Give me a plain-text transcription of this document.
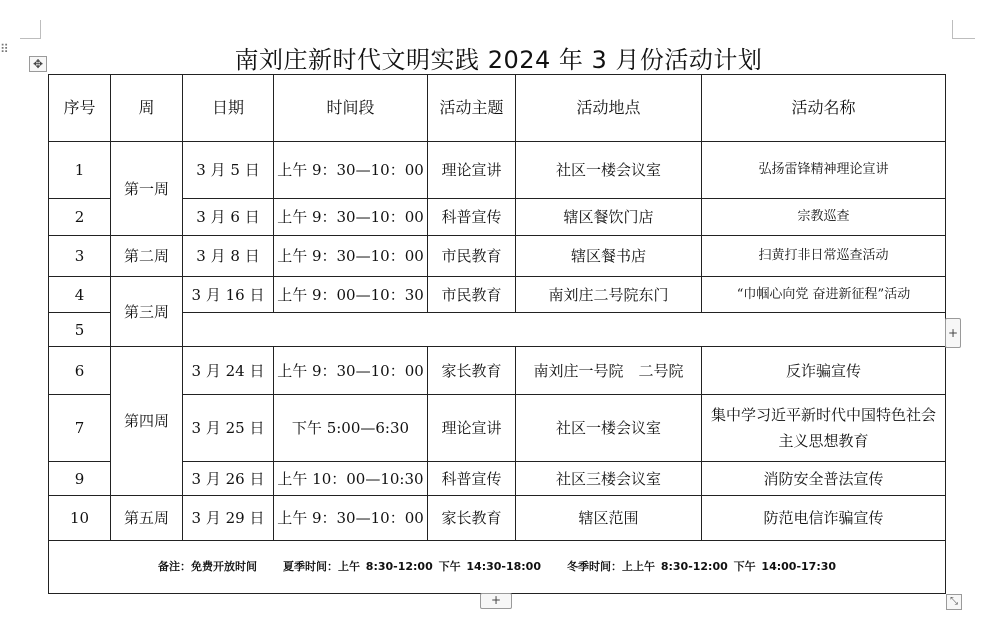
⠿
✥	南刘庄新时代文明实践 2024 年 3 月份活动计划
序号	周	日期	时间段	活动主题	活动地点	活动名称
1	第一周	3 月 5 日	上午 9：30—10：00	理论宣讲	社区一楼会议室	弘扬雷锋精神理论宣讲
2		3 月 6 日	上午 9：30—10：00	科普宣传	辖区餐饮门店	宗教巡查
3	第二周	3 月 8 日	上午 9：30—10：00	市民教育	辖区餐书店	扫黄打非日常巡查活动
4	第三周	3 月 16 日	上午 9：00—10：30	市民教育	南刘庄二号院东门	“巾帼心向党 奋进新征程”活动
5						
6	第四周	3 月 24 日	上午 9：30—10：00	家长教育	南刘庄一号院　二号院	反诈骗宣传
7		3 月 25 日	下午 5:00—6:30	理论宣讲	社区一楼会议室	集中学习近平新时代中国特色社会主义思想教育
9		3 月 26 日	上午 10：00—10:30	科普宣传	社区三楼会议室	消防安全普法宣传
10	第五周	3 月 29 日	上午 9：30—10：00	家长教育	辖区范围	防范电信诈骗宣传
备注：免费开放时间 夏季时间：上午 8:30-12:00 下午 14:30-18:00 冬季时间：上上午 8:30-12:00 下午 14:00-17:30						
+
+	⤡
